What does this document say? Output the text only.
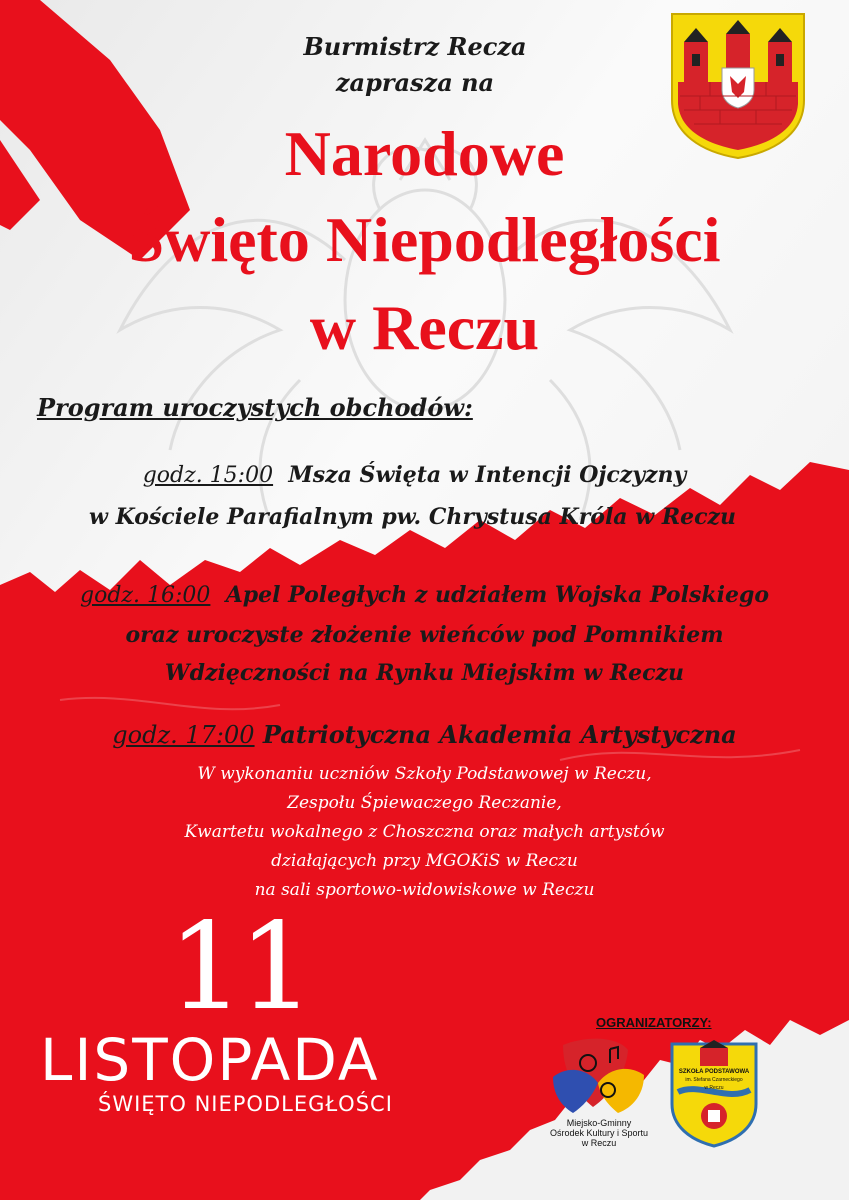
Burmistrz Recza
zaprasza na
Narodowe
Święto Niepodległości
w Reczu
Program uroczystych obchodów:
godz. 15:00 Msza Święta w Intencji Ojczyzny
w Kościele Parafialnym pw. Chrystusa Króla w Reczu
godz. 16:00 Apel Poległych z udziałem Wojska Polskiego
oraz uroczyste złożenie wieńców pod Pomnikiem
Wdzięczności na Rynku Miejskim w Reczu
godz. 17:00 Patriotyczna Akademia Artystyczna
W wykonaniu uczniów Szkoły Podstawowej w Reczu,
Zespołu Śpiewaczego Reczanie,
Kwartetu wokalnego z Choszczna oraz małych artystów
działających przy MGOKiS w Reczu
na sali sportowo-widowiskowe w Reczu
11
LISTOPADA
ŚWIĘTO NIEPODLEGŁOŚCI
OGRANIZATORZY:
Miejsko-Gminny
Ośrodek Kultury i Sportu
w Reczu
SZKOŁA PODSTAWOWA
im. Stefana Czarneckiego
w Reczu
